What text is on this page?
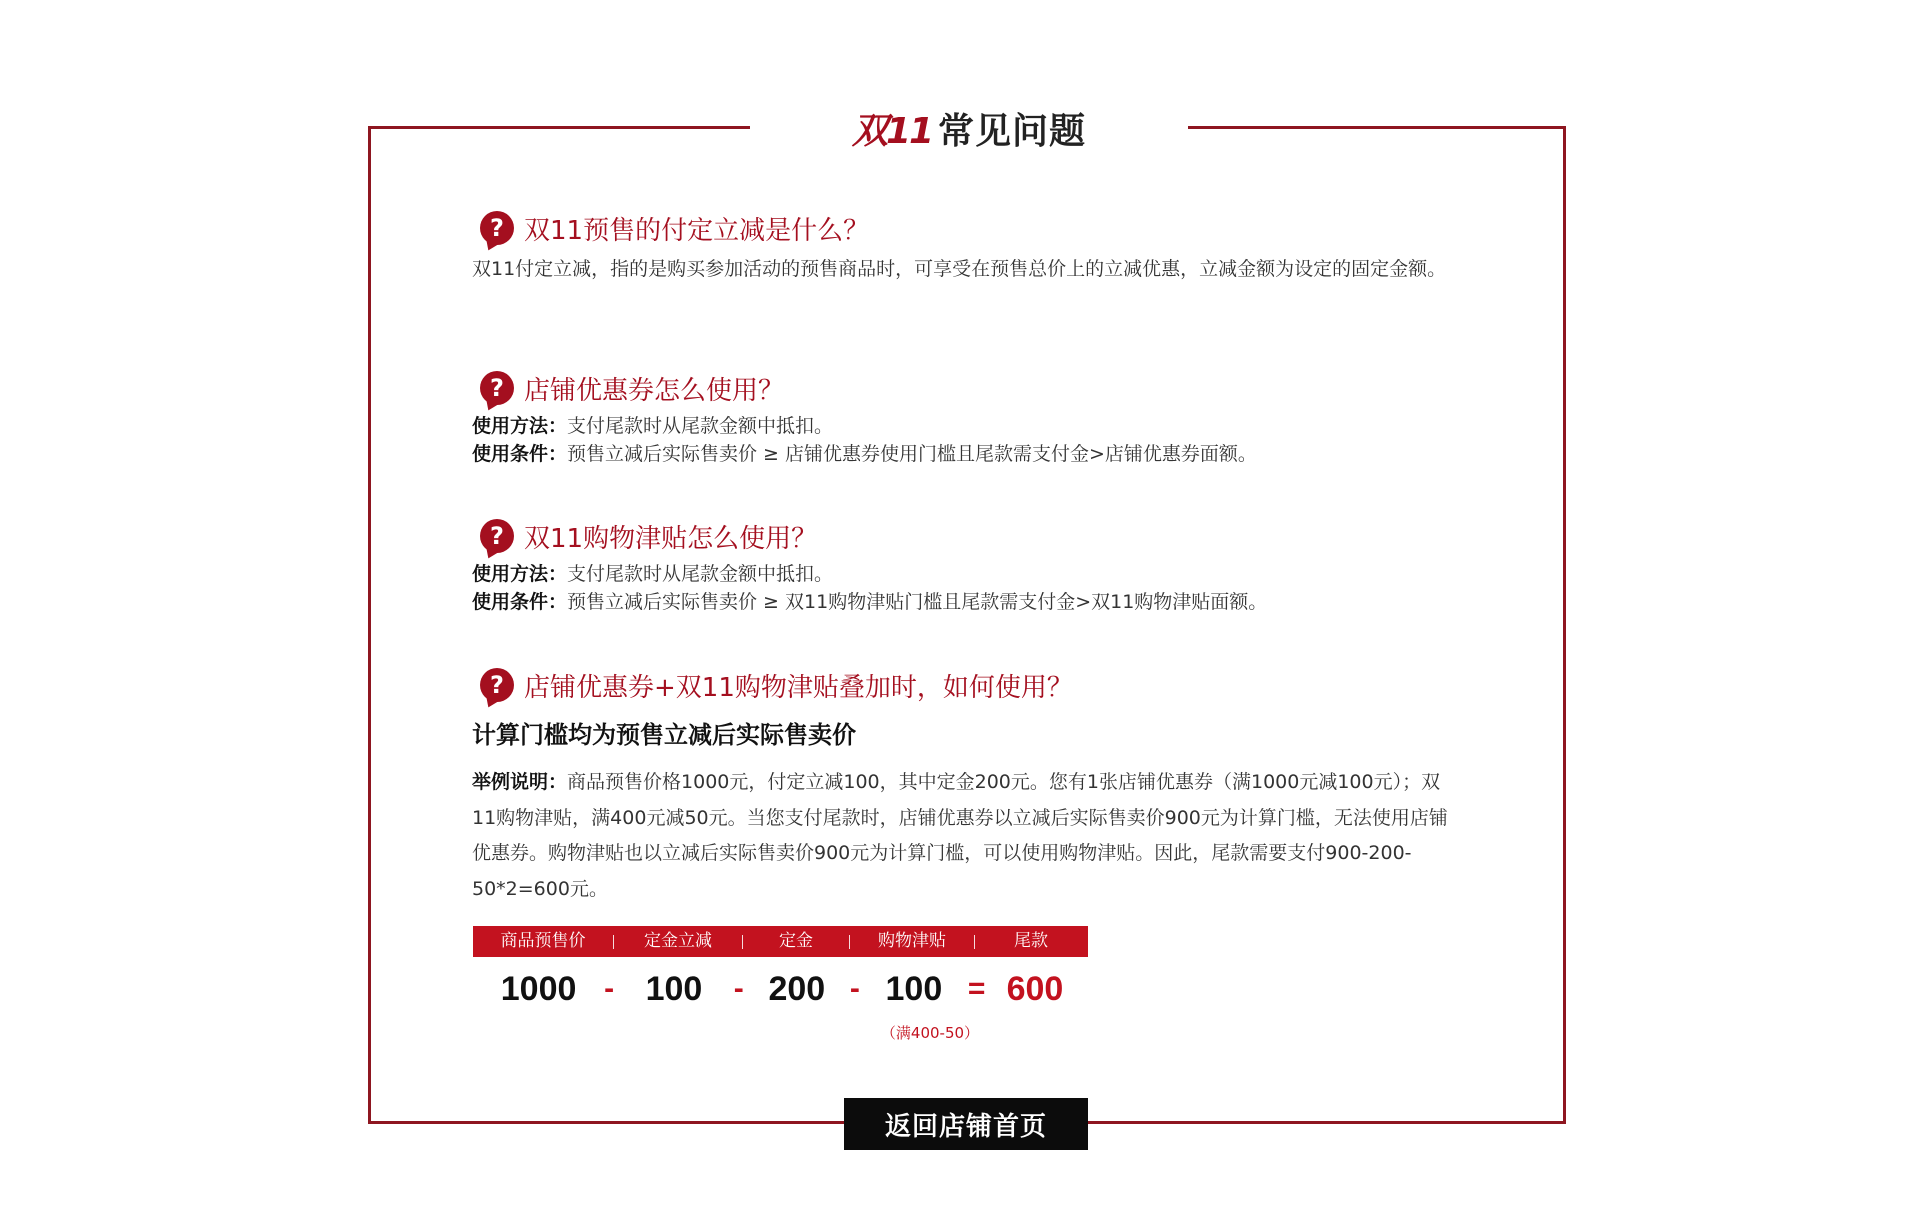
双11 常见问题
? 双11预售的付定立减是什么？
双11付定立减，指的是购买参加活动的预售商品时，可享受在预售总价上的立减优惠，立减金额为设定的固定金额。
? 店铺优惠券怎么使用？
使用方法：支付尾款时从尾款金额中抵扣。
使用条件：预售立减后实际售卖价 ≥ 店铺优惠券使用门槛且尾款需支付金>店铺优惠券面额。
? 双11购物津贴怎么使用？
使用方法：支付尾款时从尾款金额中抵扣。
使用条件：预售立减后实际售卖价 ≥ 双11购物津贴门槛且尾款需支付金>双11购物津贴面额。
? 店铺优惠券+双11购物津贴叠加时，如何使用？
计算门槛均为预售立减后实际售卖价
举例说明：商品预售价格1000元，付定立减100，其中定金200元。您有1张店铺优惠券（满1000元减100元）；双11购物津贴，满400元减50元。当您支付尾款时，店铺优惠券以立减后实际售卖价900元为计算门槛，无法使用店铺优惠券。购物津贴也以立减后实际售卖价900元为计算门槛，可以使用购物津贴。因此，尾款需要支付900-200-50*2=600元。
商品预售价	定金立减	定金	购物津贴	尾款
1000 - 100	- 200 - 100 = 600
（满400-50）
返回店铺首页
